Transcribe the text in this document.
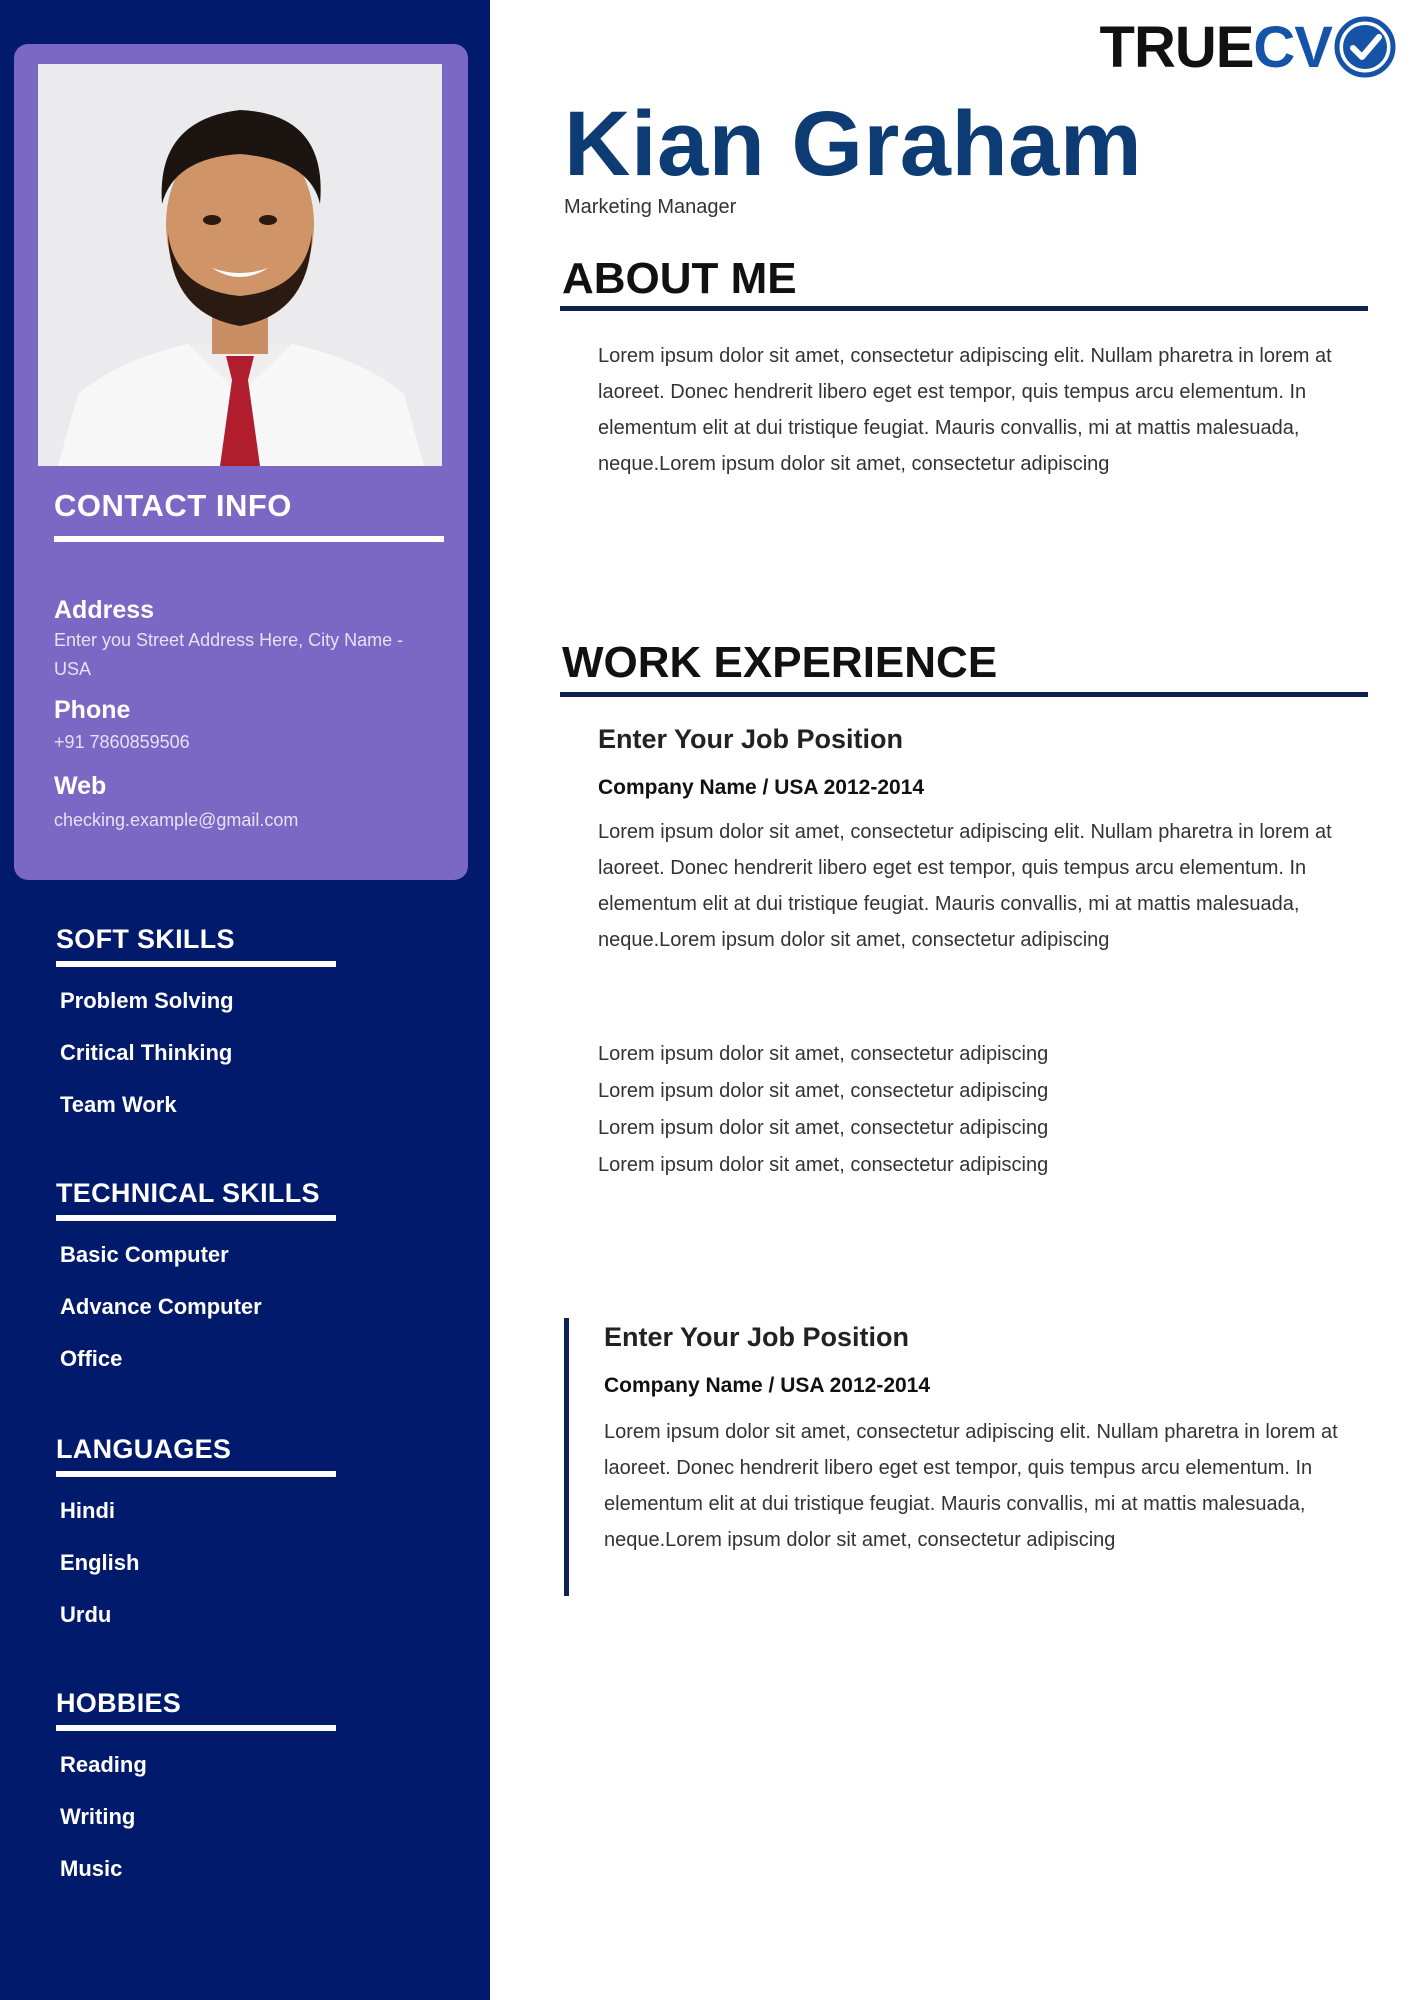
CONTACT INFO
Address
Enter you Street Address Here, City Name - USA
Phone
+91 7860859506
Web
checking.example@gmail.com
SOFT SKILLS
Problem Solving
Critical Thinking
Team Work
TECHNICAL SKILLS
Basic Computer
Advance Computer
Office
LANGUAGES
Hindi
English
Urdu
HOBBIES
Reading
Writing
Music
TRUE CV
Kian Graham
Marketing Manager
ABOUT ME
Lorem ipsum dolor sit amet, consectetur adipiscing elit. Nullam pharetra in lorem at laoreet. Donec hendrerit libero eget est tempor, quis tempus arcu elementum. In elementum elit at dui tristique feugiat. Mauris convallis, mi at mattis malesuada, neque.Lorem ipsum dolor sit amet, consectetur adipiscing
WORK EXPERIENCE
Enter Your Job Position
Company Name / USA 2012-2014
Lorem ipsum dolor sit amet, consectetur adipiscing elit. Nullam pharetra in lorem at laoreet. Donec hendrerit libero eget est tempor, quis tempus arcu elementum. In elementum elit at dui tristique feugiat. Mauris convallis, mi at mattis malesuada, neque.Lorem ipsum dolor sit amet, consectetur adipiscing
Lorem ipsum dolor sit amet, consectetur adipiscing
Lorem ipsum dolor sit amet, consectetur adipiscing
Lorem ipsum dolor sit amet, consectetur adipiscing
Lorem ipsum dolor sit amet, consectetur adipiscing
Enter Your Job Position
Company Name / USA 2012-2014
Lorem ipsum dolor sit amet, consectetur adipiscing elit. Nullam pharetra in lorem at laoreet. Donec hendrerit libero eget est tempor, quis tempus arcu elementum. In elementum elit at dui tristique feugiat. Mauris convallis, mi at mattis malesuada, neque.Lorem ipsum dolor sit amet, consectetur adipiscing
